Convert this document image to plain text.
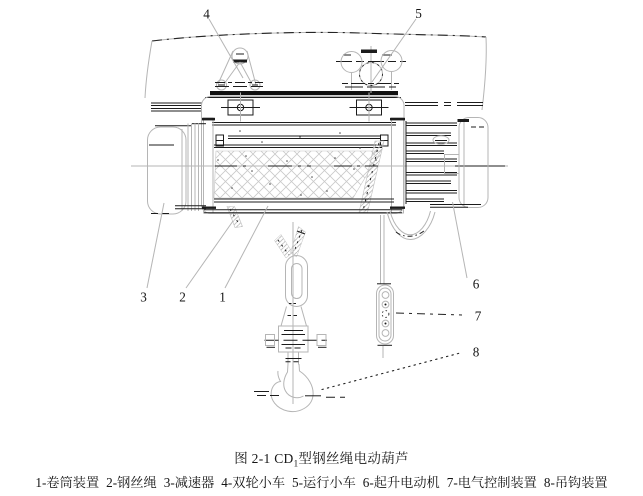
4	5
3 2	1
6
7
8
图 2-1 $CD_1$型钢丝绳电动葫芦
1-卷筒装置 2-钢丝绳 3-减速器 4-双轮小车 5-运行小车 6-起升电动机 7-电气控制装置 8-吊钩装置
